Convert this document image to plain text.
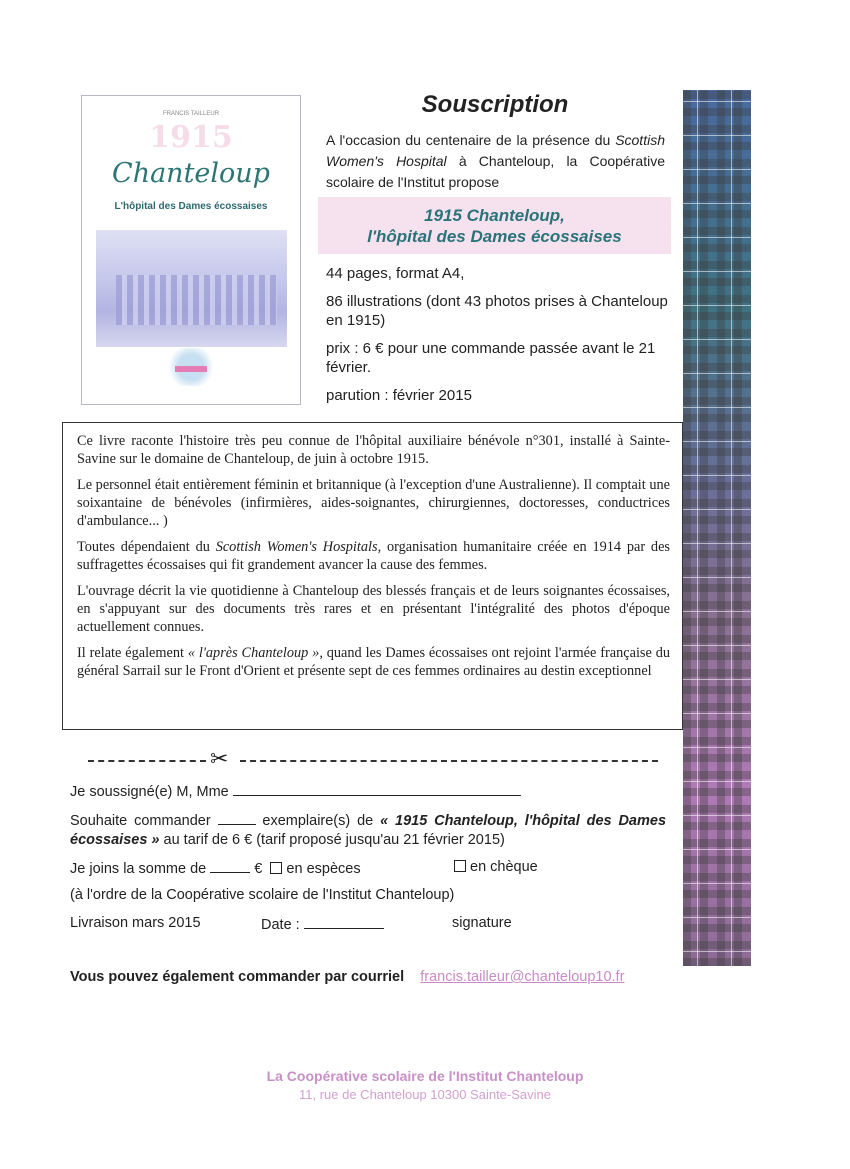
FRANCIS TAILLEUR
1915
Chanteloup
L'hôpital des Dames écossaises
Souscription
A l'occasion du centenaire de la présence du Scottish Women's Hospital à Chanteloup, la Coopérative scolaire de l'Institut propose
1915 Chanteloup,
l'hôpital des Dames écossaises

44 pages, format A4,

86 illustrations (dont 43 photos prises à Chanteloup en 1915)

prix : 6 € pour une commande passée avant le 21 février.

parution : février 2015

Ce livre raconte l'histoire très peu connue de l'hôpital auxiliaire bénévole n°301, installé à Sainte-Savine sur le domaine de Chanteloup, de juin à octobre 1915.

Le personnel était entièrement féminin et britannique (à l'exception d'une Australienne). Il comptait une soixantaine de bénévoles (infirmières, aides-soignantes, chirurgiennes, doctoresses, conductrices d'ambulance... )

Toutes dépendaient du Scottish Women's Hospitals, organisation humanitaire créée en 1914 par des suffragettes écossaises qui fit grandement avancer la cause des femmes.

L'ouvrage décrit la vie quotidienne à Chanteloup des blessés français et de leurs soignantes écossaises, en s'appuyant sur des documents très rares et en présentant l'intégralité des photos d'époque actuellement connues.

Il relate également « l'après Chanteloup », quand les Dames écossaises ont rejoint l'armée française du général Sarrail sur le Front d'Orient et présente sept de ces femmes ordinaires au destin exceptionnel

✂
Je soussigné(e) M, Mme
Souhaite commander	exemplaire(s) de « 1915 Chanteloup, l'hôpital des Dames écossaises » au tarif de 6 € (tarif proposé jusqu'au 21 février 2015)
Je joins la somme de	€ en espèces	en chèque
(à l'ordre de la Coopérative scolaire de l'Institut Chanteloup)
Livraison mars 2015	Date :	signature
Vous pouvez également commander par courriel francis.tailleur@chanteloup10.fr
La Coopérative scolaire de l'Institut Chanteloup
11, rue de Chanteloup 10300 Sainte-Savine
